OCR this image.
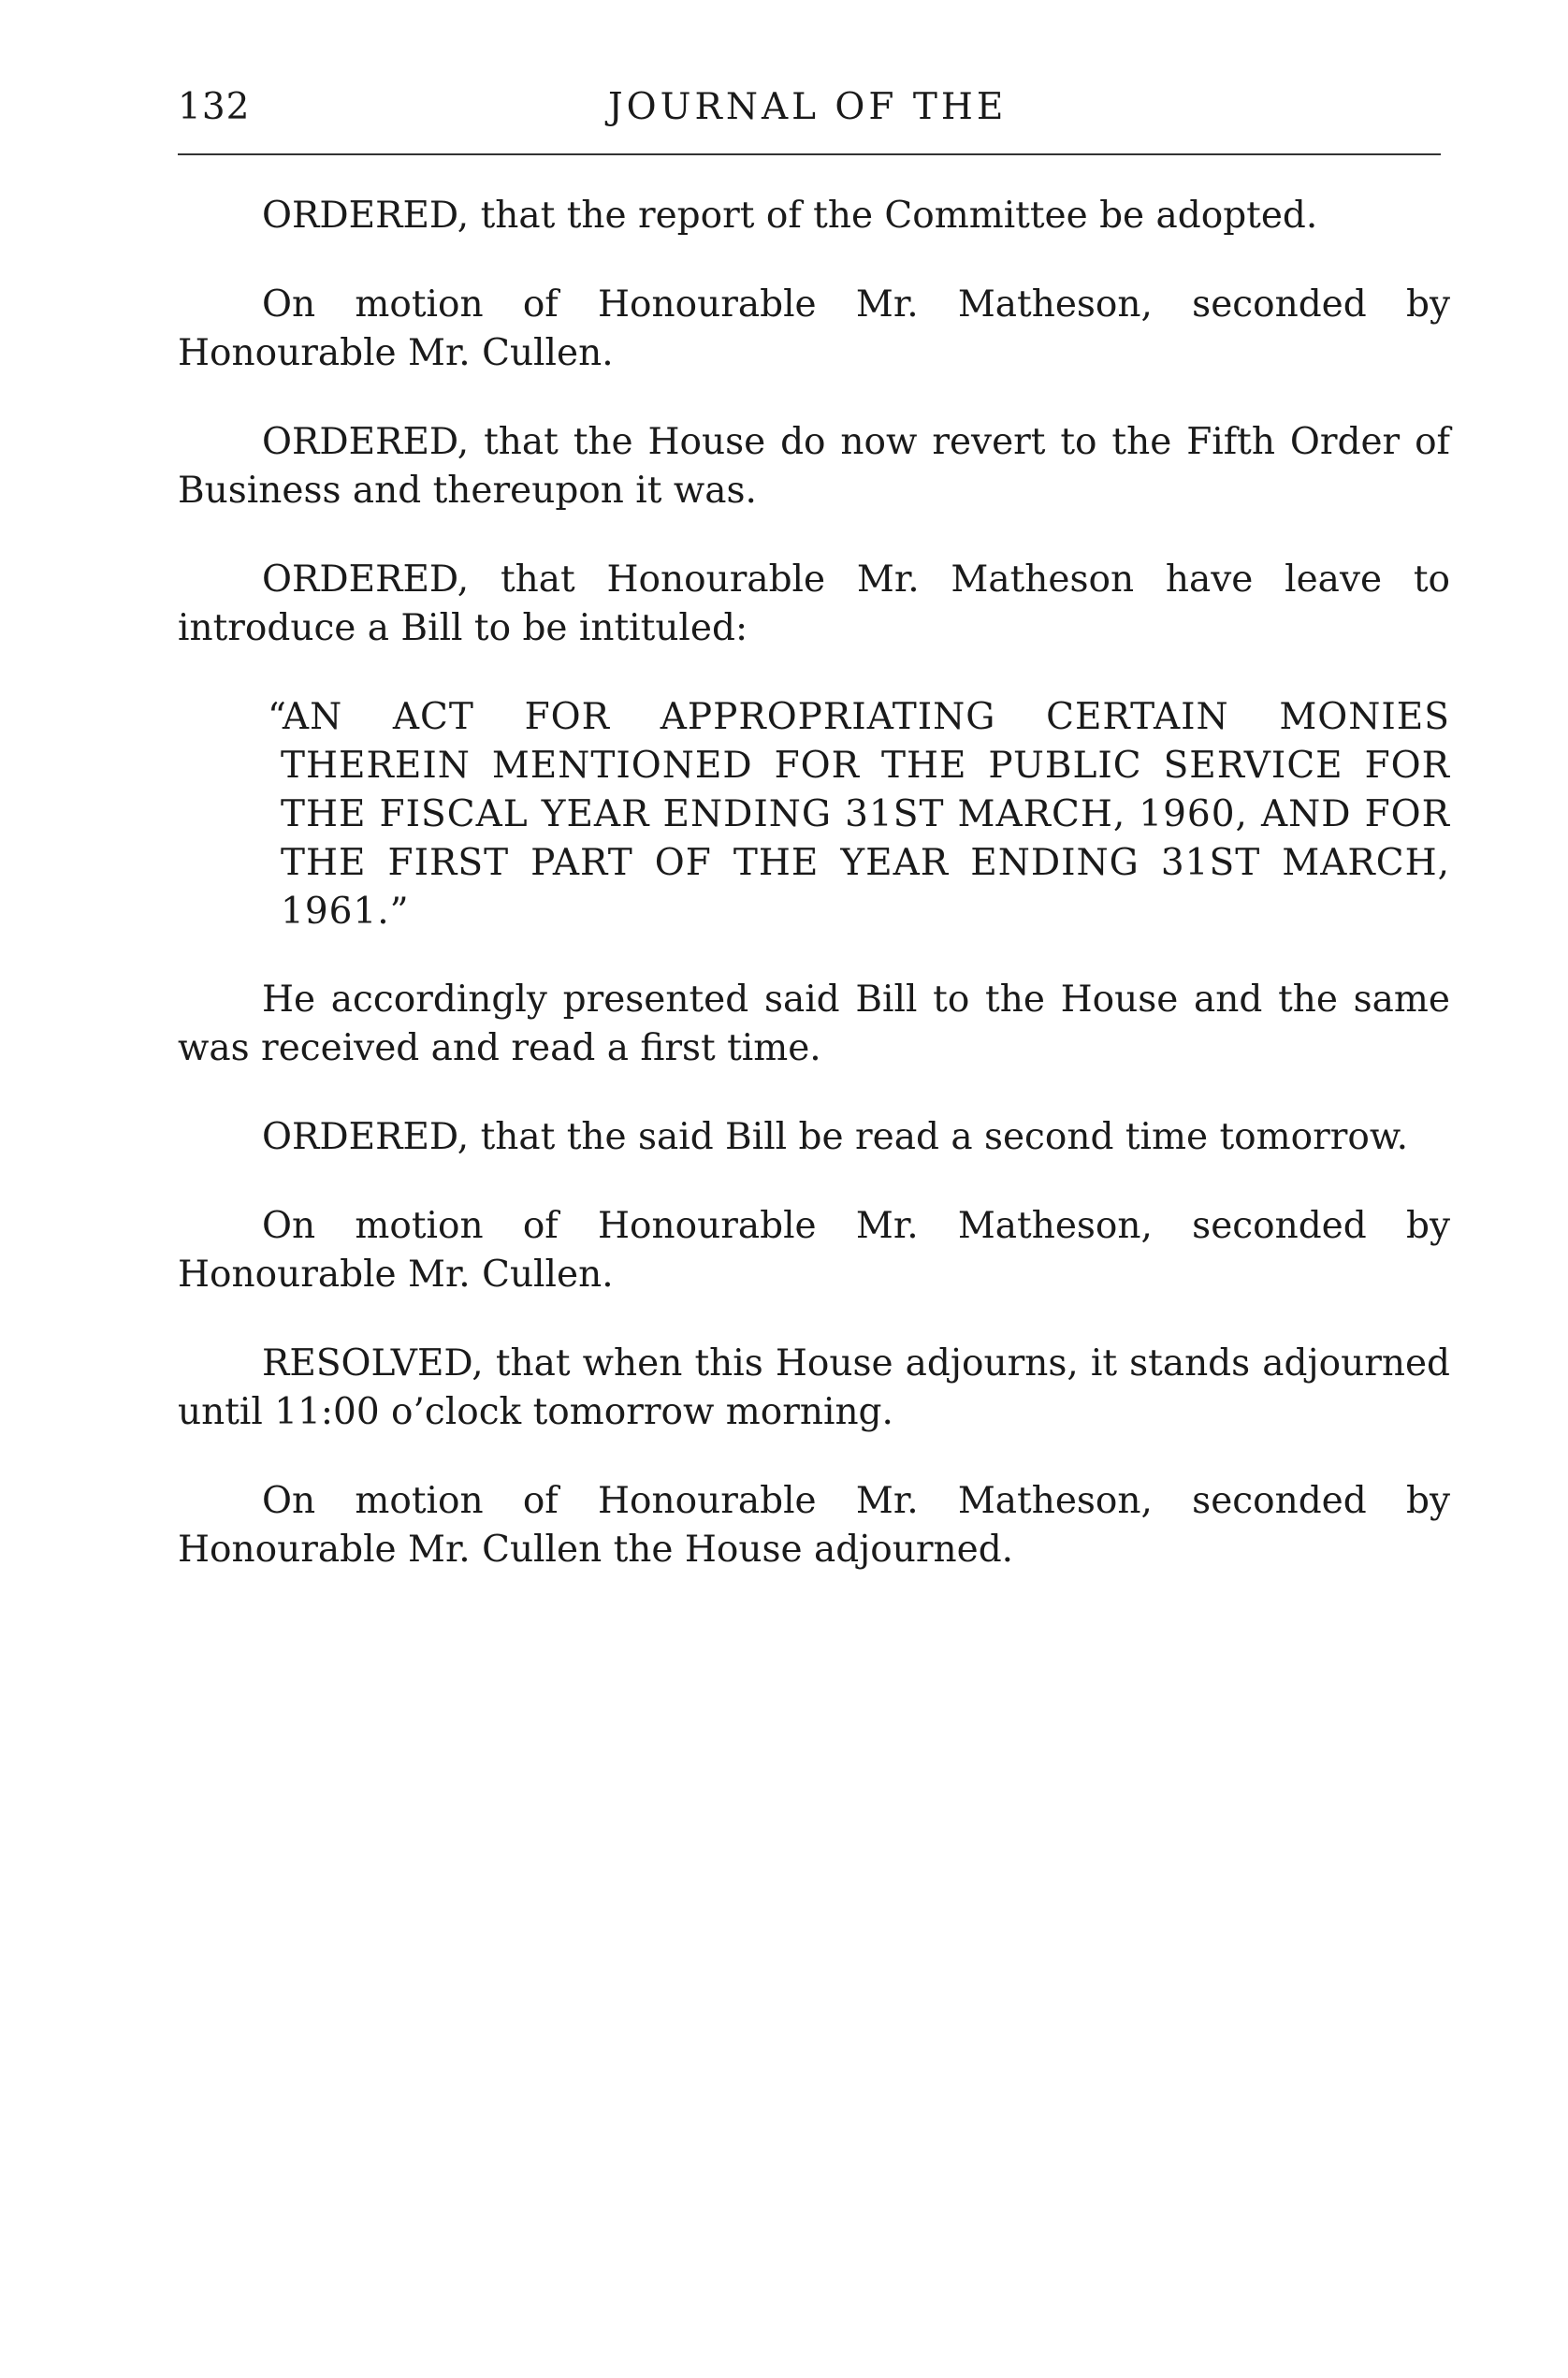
132	JOURNAL OF THE

ORDERED, that the report of the Committee be adopted.

On motion of Honourable Mr. Matheson, seconded by Honourable Mr. Cullen.

ORDERED, that the House do now revert to the Fifth Order of Business and thereupon it was.

ORDERED, that Honourable Mr. Matheson have leave to introduce a Bill to be intituled:

“AN ACT FOR APPROPRIATING CERTAIN MONIES THEREIN MENTIONED FOR THE PUBLIC SERVICE FOR THE FISCAL YEAR ENDING 31ST MARCH, 1960, AND FOR THE FIRST PART OF THE YEAR ENDING 31ST MARCH, 1961.”

He accordingly presented said Bill to the House and the same was received and read a first time.

ORDERED, that the said Bill be read a second time tomorrow.

On motion of Honourable Mr. Matheson, seconded by Honourable Mr. Cullen.

RESOLVED, that when this House adjourns, it stands adjourned until 11:00 o’clock tomorrow morning.

On motion of Honourable Mr. Matheson, seconded by Honourable Mr. Cullen the House adjourned.
